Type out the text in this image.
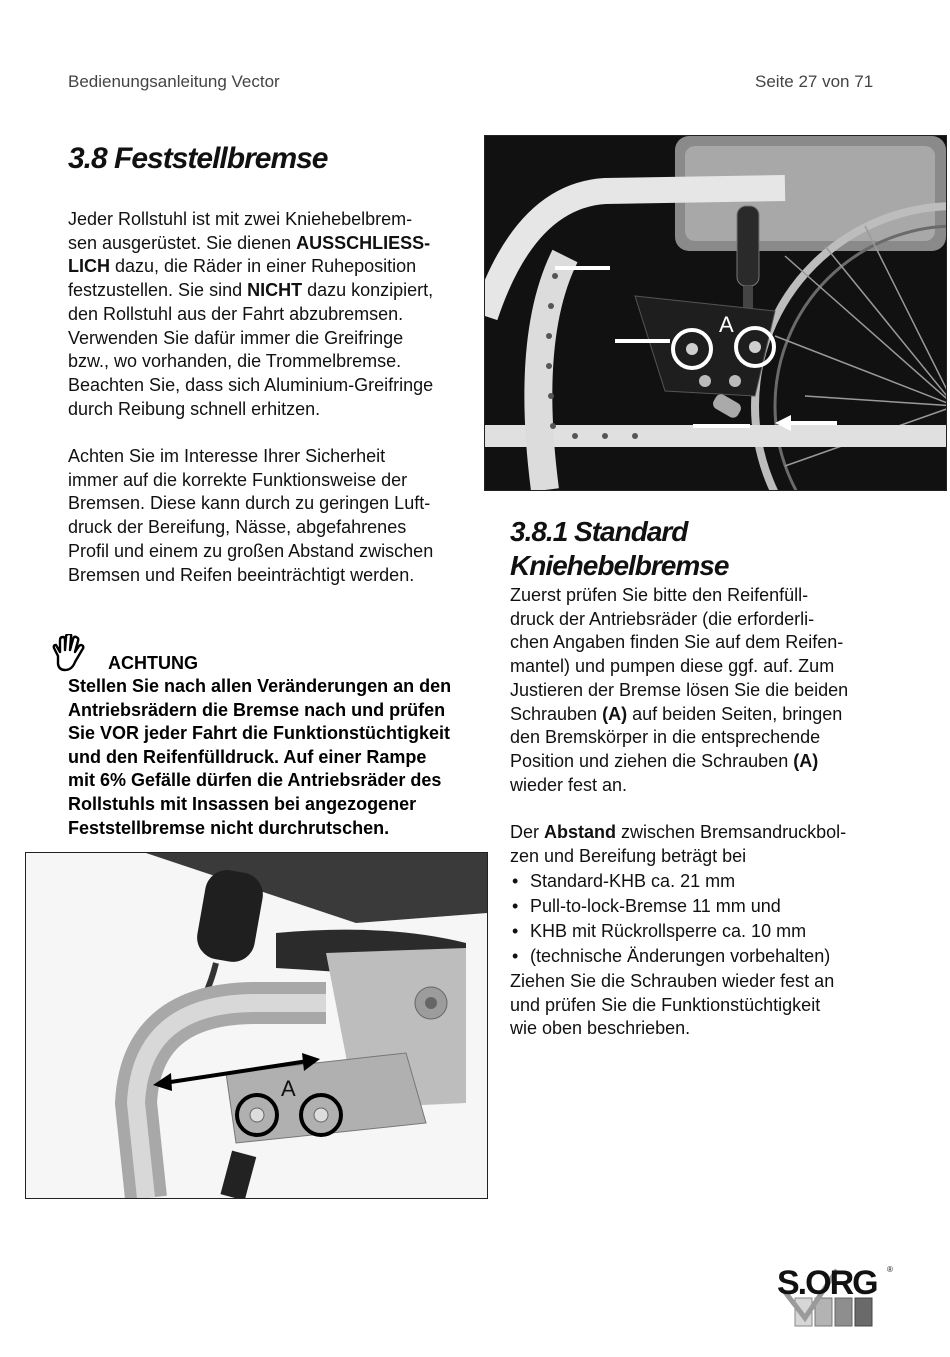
Bedienungsanleitung Vector	Seite 27 von 71
3.8 Feststellbremse
Jeder Rollstuhl ist mit zwei Kniehebelbrem-
sen ausgerüstet. Sie dienen AUSSCHLIESS-
LICH dazu, die Räder in einer Ruheposition
festzustellen. Sie sind NICHT dazu konzipiert,
den Rollstuhl aus der Fahrt abzubremsen.
Verwenden Sie dafür immer die Greifringe
bzw., wo vorhanden, die Trommelbremse.
Beachten Sie, dass sich Aluminium-Greifringe
durch Reibung schnell erhitzen.
Achten Sie im Interesse Ihrer Sicherheit
immer auf die korrekte Funktionsweise der
Bremsen. Diese kann durch zu geringen Luft-
druck der Bereifung, Nässe, abgefahrenes
Profil und einem zu großen Abstand zwischen
Bremsen und Reifen beeinträchtigt werden.
ACHTUNG
Stellen Sie nach allen Veränderungen an den
Antriebsrädern die Bremse nach und prüfen
Sie VOR jeder Fahrt die Funktionstüchtigkeit
und den Reifenfülldruck. Auf einer Rampe
mit 6% Gefälle dürfen die Antriebsräder des
Rollstuhls mit Insassen bei angezogener
Feststellbremse nicht durchrutschen.
A
A
3.8.1 Standard
Kniehebelbremse
Zuerst prüfen Sie bitte den Reifenfüll-
druck der Antriebsräder (die erforderli-
chen Angaben finden Sie auf dem Reifen-
mantel) und pumpen diese ggf. auf. Zum
Justieren der Bremse lösen Sie die beiden
Schrauben (A) auf beiden Seiten, bringen
den Bremskörper in die entsprechende
Position und ziehen die Schrauben (A)
wieder fest an.
Der Abstand zwischen Bremsandruckbol-
zen und Bereifung beträgt bei
• Standard-KHB ca. 21 mm
• Pull-to-lock-Bremse 11 mm und
• KHB mit Rückrollsperre ca. 10 mm
• (technische Änderungen vorbehalten)
Ziehen Sie die Schrauben wieder fest an
und prüfen Sie die Funktionstüchtigkeit
wie oben beschrieben.
S.ORG ®
